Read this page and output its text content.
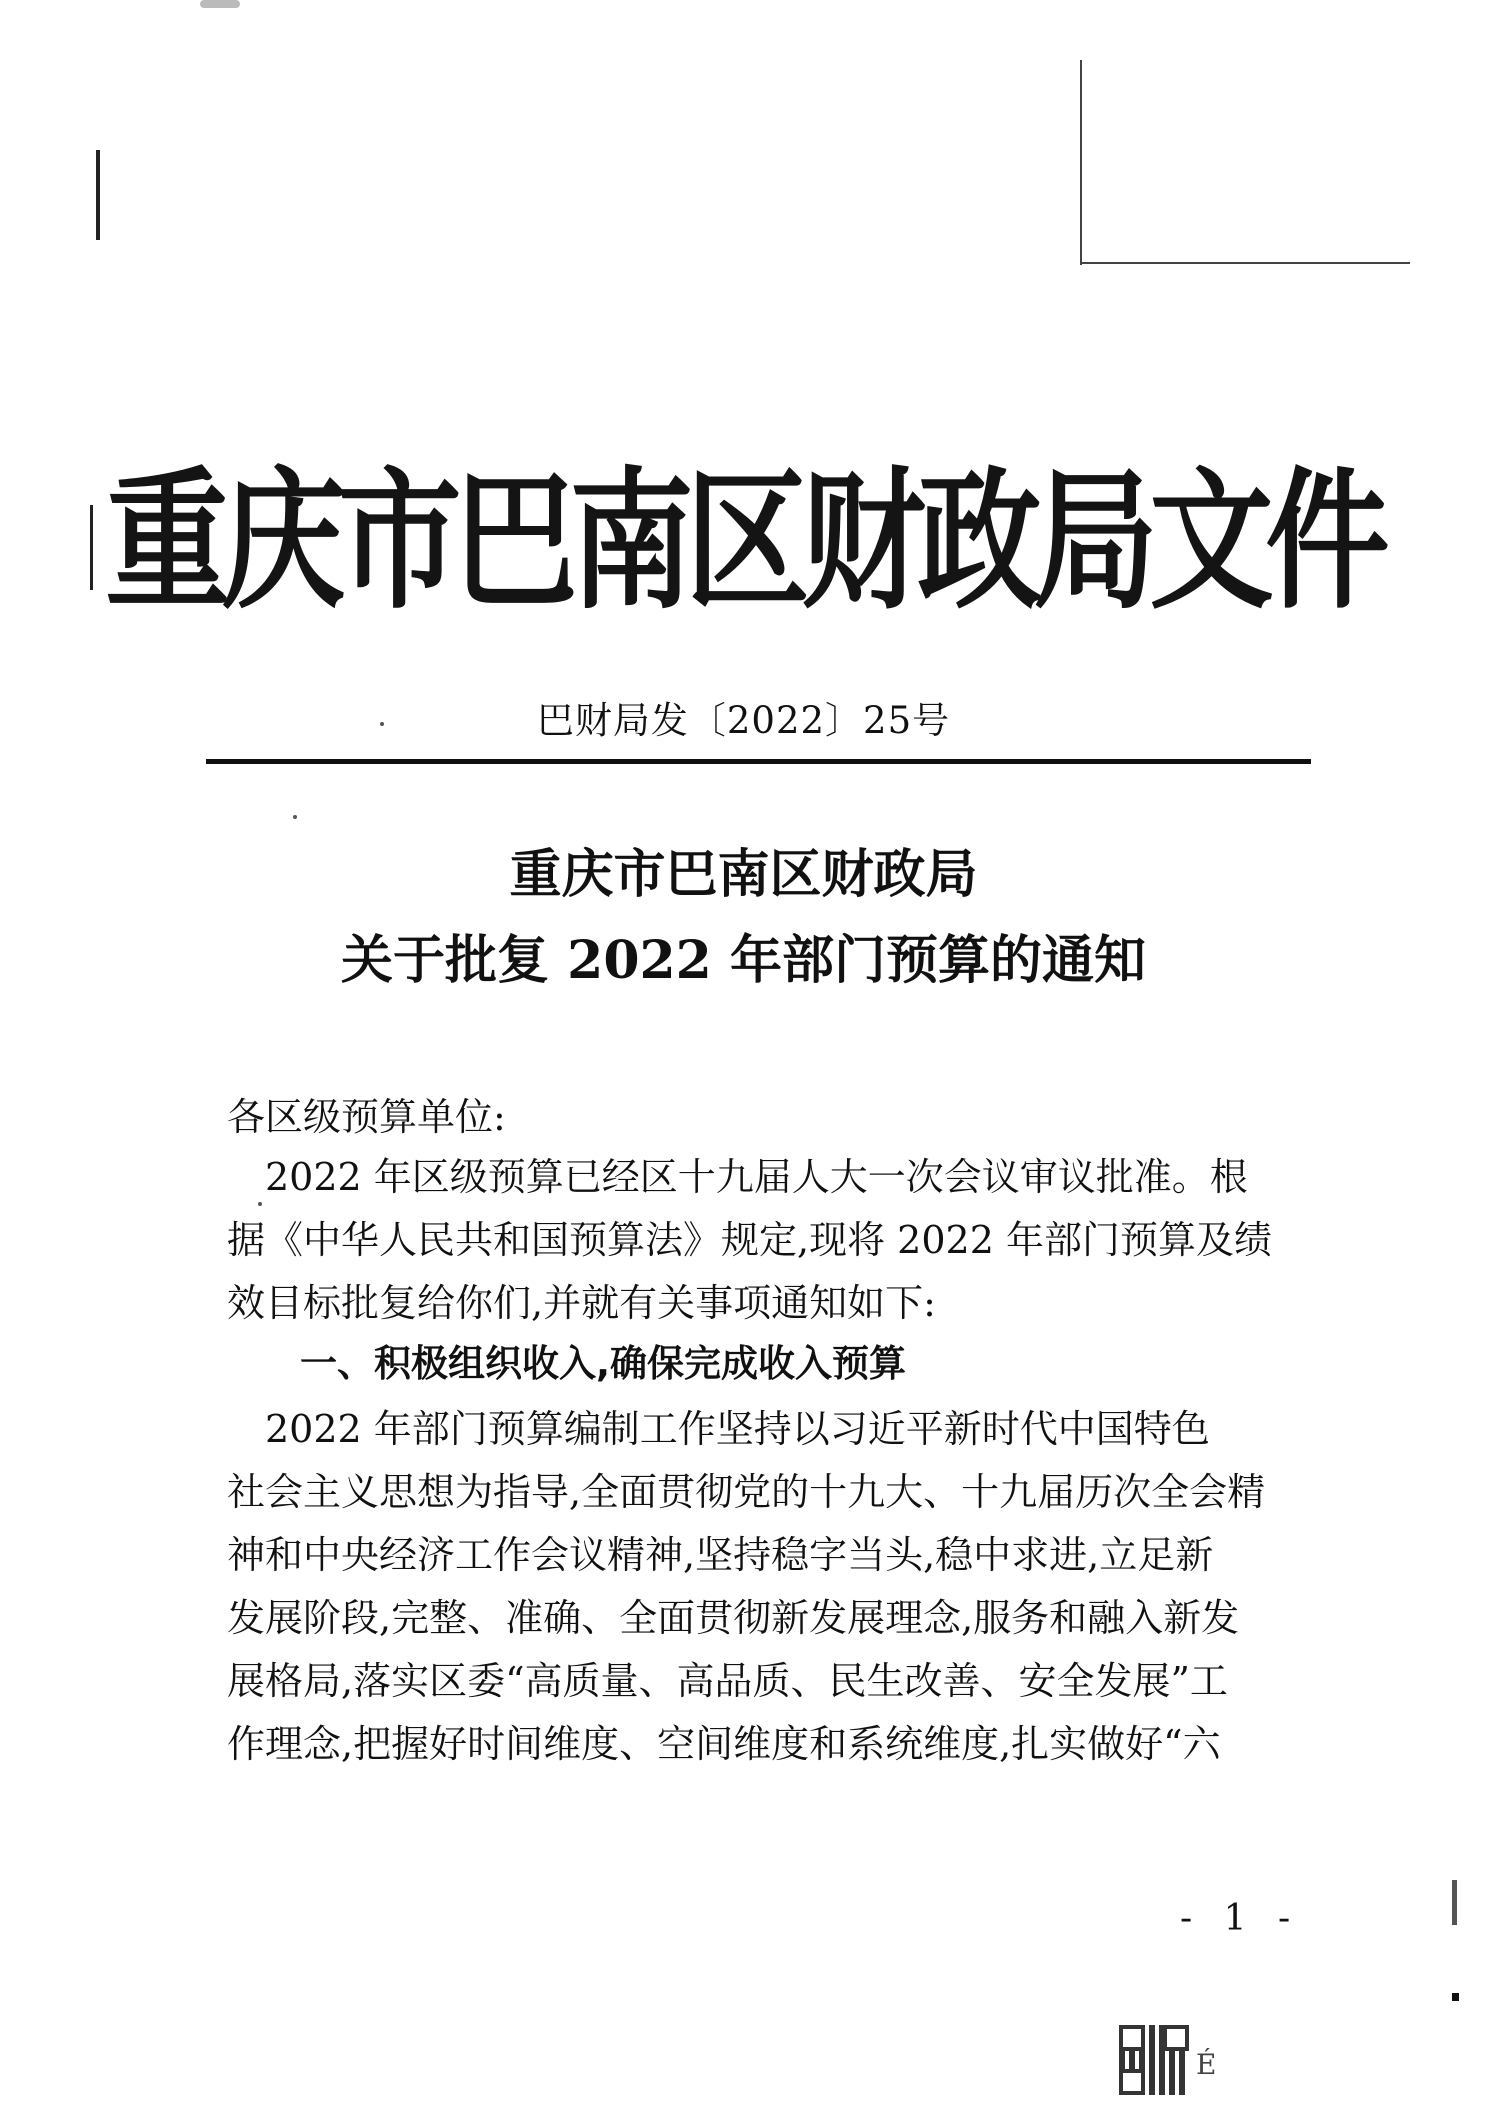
重庆市巴南区财政局文件
巴财局发〔2022〕25号
重庆市巴南区财政局
关于批复 2022 年部门预算的通知
各区级预算单位:
　2022 年区级预算已经区十九届人大一次会议审议批准。根
据《中华人民共和国预算法》规定,现将 2022 年部门预算及绩
效目标批复给你们,并就有关事项通知如下:
一、积极组织收入,确保完成收入预算
　2022 年部门预算编制工作坚持以习近平新时代中国特色
社会主义思想为指导,全面贯彻党的十九大、十九届历次全会精
神和中央经济工作会议精神,坚持稳字当头,稳中求进,立足新
发展阶段,完整、准确、全面贯彻新发展理念,服务和融入新发
展格局,落实区委“高质量、高品质、民生改善、安全发展”工
作理念,把握好时间维度、空间维度和系统维度,扎实做好“六
- 1 -
É
